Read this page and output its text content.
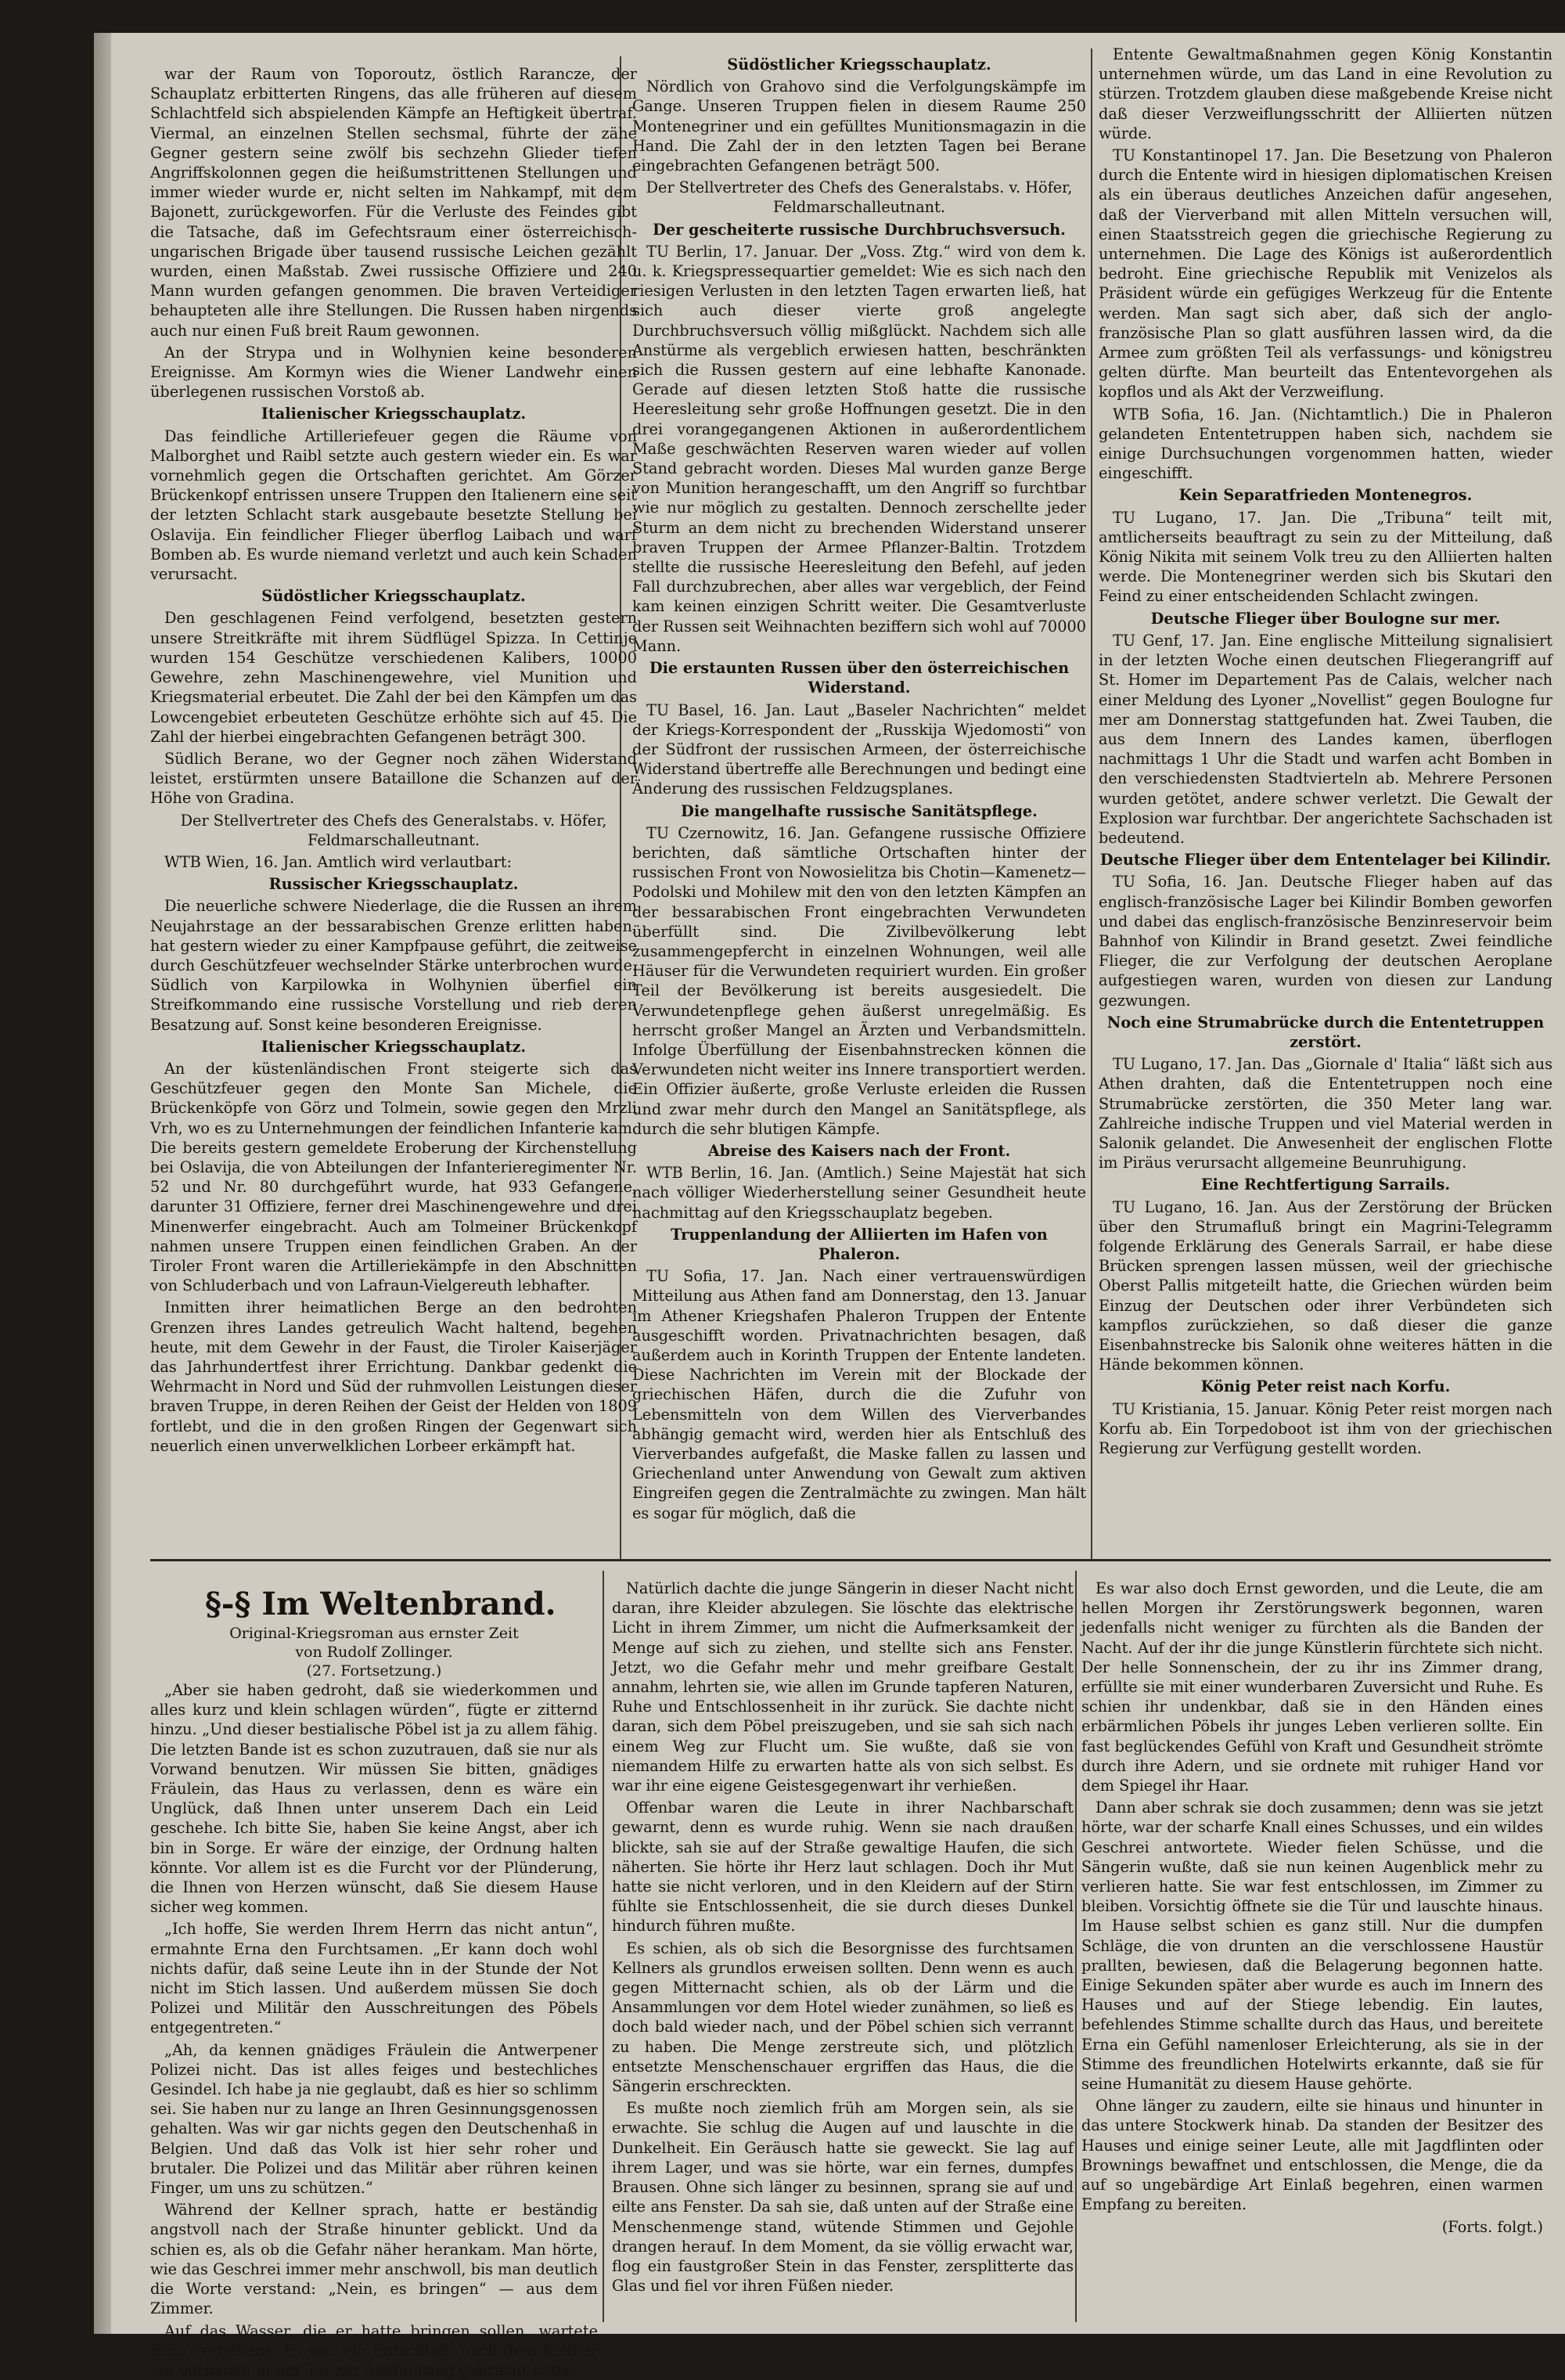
war der Raum von Toporoutz, östlich Rarancze, der Schauplatz erbitterten Ringens, das alle früheren auf diesem Schlachtfeld sich abspielenden Kämpfe an Heftigkeit übertraf. Viermal, an einzelnen Stellen sechsmal, führte der zähe Gegner gestern seine zwölf bis sechzehn Glieder tiefen Angriffskolonnen gegen die heißumstrittenen Stellungen und immer wieder wurde er, nicht selten im Nahkampf, mit dem Bajonett, zurückgeworfen. Für die Verluste des Feindes gibt die Tatsache, daß im Gefechtsraum einer österreichisch-ungarischen Brigade über tausend russische Leichen gezählt wurden, einen Maßstab. Zwei russische Offiziere und 240 Mann wurden gefangen genommen. Die braven Verteidiger behaupteten alle ihre Stellungen. Die Russen haben nirgends auch nur einen Fuß breit Raum gewonnen.

An der Strypa und in Wolhynien keine besonderen Ereignisse. Am Kormyn wies die Wiener Landwehr einen überlegenen russischen Vorstoß ab.

Italienischer Kriegsschauplatz.

Das feindliche Artilleriefeuer gegen die Räume von Malborghet und Raibl setzte auch gestern wieder ein. Es war vornehmlich gegen die Ortschaften gerichtet. Am Görzer Brückenkopf entrissen unsere Truppen den Italienern eine seit der letzten Schlacht stark ausgebaute besetzte Stellung bei Oslavija. Ein feindlicher Flieger überflog Laibach und warf Bomben ab. Es wurde niemand verletzt und auch kein Schaden verursacht.

Südöstlicher Kriegsschauplatz.

Den geschlagenen Feind verfolgend, besetzten gestern unsere Streitkräfte mit ihrem Südflügel Spizza. In Cettinje wurden 154 Geschütze verschiedenen Kalibers, 10000 Gewehre, zehn Maschinengewehre, viel Munition und Kriegsmaterial erbeutet. Die Zahl der bei den Kämpfen um das Lowcengebiet erbeuteten Geschütze erhöhte sich auf 45. Die Zahl der hierbei eingebrachten Gefangenen beträgt 300.

Südlich Berane, wo der Gegner noch zähen Widerstand leistet, erstürmten unsere Bataillone die Schanzen auf der Höhe von Gradina.

Der Stellvertreter des Chefs des Generalstabs. v. Höfer, Feldmarschalleutnant.

WTB Wien, 16. Jan. Amtlich wird verlautbart:

Russischer Kriegsschauplatz.

Die neuerliche schwere Niederlage, die die Russen an ihrem Neujahrstage an der bessarabischen Grenze erlitten haben, hat gestern wieder zu einer Kampfpause geführt, die zeitweise durch Geschützfeuer wechselnder Stärke unterbrochen wurde. Südlich von Karpilowka in Wolhynien überfiel ein Streifkommando eine russische Vorstellung und rieb deren Besatzung auf. Sonst keine besonderen Ereignisse.

Italienischer Kriegsschauplatz.

An der küstenländischen Front steigerte sich das Geschützfeuer gegen den Monte San Michele, die Brückenköpfe von Görz und Tolmein, sowie gegen den Mrzli Vrh, wo es zu Unternehmungen der feindlichen Infanterie kam. Die bereits gestern gemeldete Eroberung der Kirchenstellung bei Oslavija, die von Abteilungen der Infanterieregimenter Nr. 52 und Nr. 80 durchgeführt wurde, hat 933 Gefangene, darunter 31 Offiziere, ferner drei Maschinengewehre und drei Minenwerfer eingebracht. Auch am Tolmeiner Brückenkopf nahmen unsere Truppen einen feindlichen Graben. An der Tiroler Front waren die Artilleriekämpfe in den Abschnitten von Schluderbach und von Lafraun-Vielgereuth lebhafter.

Inmitten ihrer heimatlichen Berge an den bedrohten Grenzen ihres Landes getreulich Wacht haltend, begehen heute, mit dem Gewehr in der Faust, die Tiroler Kaiserjäger das Jahrhundertfest ihrer Errichtung. Dankbar gedenkt die Wehrmacht in Nord und Süd der ruhmvollen Leistungen dieser braven Truppe, in deren Reihen der Geist der Helden von 1809 fortlebt, und die in den großen Ringen der Gegenwart sich neuerlich einen unverwelklichen Lorbeer erkämpft hat.

Südöstlicher Kriegsschauplatz.

Nördlich von Grahovo sind die Verfolgungskämpfe im Gange. Unseren Truppen fielen in diesem Raume 250 Montenegriner und ein gefülltes Munitionsmagazin in die Hand. Die Zahl der in den letzten Tagen bei Berane eingebrachten Gefangenen beträgt 500.

Der Stellvertreter des Chefs des Generalstabs. v. Höfer, Feldmarschalleutnant.
Der gescheiterte russische Durchbruchsversuch.

TU Berlin, 17. Januar. Der „Voss. Ztg.“ wird von dem k. u. k. Kriegspressequartier gemeldet: Wie es sich nach den riesigen Verlusten in den letzten Tagen erwarten ließ, hat sich auch dieser vierte groß angelegte Durchbruchsversuch völlig mißglückt. Nachdem sich alle Anstürme als vergeblich erwiesen hatten, beschränkten sich die Russen gestern auf eine lebhafte Kanonade. Gerade auf diesen letzten Stoß hatte die russische Heeresleitung sehr große Hoffnungen gesetzt. Die in den drei vorangegangenen Aktionen in außerordentlichem Maße geschwächten Reserven waren wieder auf vollen Stand gebracht worden. Dieses Mal wurden ganze Berge von Munition herangeschafft, um den Angriff so furchtbar wie nur möglich zu gestalten. Dennoch zerschellte jeder Sturm an dem nicht zu brechenden Widerstand unserer braven Truppen der Armee Pflanzer-Baltin. Trotzdem stellte die russische Heeresleitung den Befehl, auf jeden Fall durchzubrechen, aber alles war vergeblich, der Feind kam keinen einzigen Schritt weiter. Die Gesamtverluste der Russen seit Weihnachten beziffern sich wohl auf 70000 Mann.

Die erstaunten Russen über den österreichischen Widerstand.

TU Basel, 16. Jan. Laut „Baseler Nachrichten“ meldet der Kriegs-Korrespondent der „Russkija Wjedomosti“ von der Südfront der russischen Armeen, der österreichische Widerstand übertreffe alle Berechnungen und bedingt eine Änderung des russischen Feldzugsplanes.

Die mangelhafte russische Sanitätspflege.

TU Czernowitz, 16. Jan. Gefangene russische Offiziere berichten, daß sämtliche Ortschaften hinter der russischen Front von Nowosielitza bis Chotin—Kamenetz—Podolski und Mohilew mit den von den letzten Kämpfen an der bessarabischen Front eingebrachten Verwundeten überfüllt sind. Die Zivilbevölkerung lebt zusammengepfercht in einzelnen Wohnungen, weil alle Häuser für die Verwundeten requiriert wurden. Ein großer Teil der Bevölkerung ist bereits ausgesiedelt. Die Verwundetenpflege gehen äußerst unregelmäßig. Es herrscht großer Mangel an Ärzten und Verbandsmitteln. Infolge Überfüllung der Eisenbahnstrecken können die Verwundeten nicht weiter ins Innere transportiert werden. Ein Offizier äußerte, große Verluste erleiden die Russen und zwar mehr durch den Mangel an Sanitätspflege, als durch die sehr blutigen Kämpfe.

Abreise des Kaisers nach der Front.

WTB Berlin, 16. Jan. (Amtlich.) Seine Majestät hat sich nach völliger Wiederherstellung seiner Gesundheit heute nachmittag auf den Kriegsschauplatz begeben.

Truppenlandung der Alliierten im Hafen von Phaleron.

TU Sofia, 17. Jan. Nach einer vertrauenswürdigen Mitteilung aus Athen fand am Donnerstag, den 13. Januar im Athener Kriegshafen Phaleron Truppen der Entente ausgeschifft worden. Privatnachrichten besagen, daß außerdem auch in Korinth Truppen der Entente landeten. Diese Nachrichten im Verein mit der Blockade der griechischen Häfen, durch die die Zufuhr von Lebensmitteln von dem Willen des Vierverbandes abhängig gemacht wird, werden hier als Entschluß des Vierverbandes aufgefaßt, die Maske fallen zu lassen und Griechenland unter Anwendung von Gewalt zum aktiven Eingreifen gegen die Zentralmächte zu zwingen. Man hält es sogar für möglich, daß die

Entente Gewaltmaßnahmen gegen König Konstantin unternehmen würde, um das Land in eine Revolution zu stürzen. Trotzdem glauben diese maßgebende Kreise nicht daß dieser Verzweiflungsschritt der Alliierten nützen würde.

TU Konstantinopel 17. Jan. Die Besetzung von Phaleron durch die Entente wird in hiesigen diplomatischen Kreisen als ein überaus deutliches Anzeichen dafür angesehen, daß der Vierverband mit allen Mitteln versuchen will, einen Staatsstreich gegen die griechische Regierung zu unternehmen. Die Lage des Königs ist außerordentlich bedroht. Eine griechische Republik mit Venizelos als Präsident würde ein gefügiges Werkzeug für die Entente werden. Man sagt sich aber, daß sich der anglo-französische Plan so glatt ausführen lassen wird, da die Armee zum größten Teil als verfassungs- und königstreu gelten dürfte. Man beurteilt das Ententevorgehen als kopflos und als Akt der Verzweiflung.

WTB Sofia, 16. Jan. (Nichtamtlich.) Die in Phaleron gelandeten Ententetruppen haben sich, nachdem sie einige Durchsuchungen vorgenommen hatten, wieder eingeschifft.

Kein Separatfrieden Montenegros.

TU Lugano, 17. Jan. Die „Tribuna“ teilt mit, amtlicherseits beauftragt zu sein zu der Mitteilung, daß König Nikita mit seinem Volk treu zu den Alliierten halten werde. Die Montenegriner werden sich bis Skutari den Feind zu einer entscheidenden Schlacht zwingen.

Deutsche Flieger über Boulogne sur mer.

TU Genf, 17. Jan. Eine englische Mitteilung signalisiert in der letzten Woche einen deutschen Fliegerangriff auf St. Homer im Departement Pas de Calais, welcher nach einer Meldung des Lyoner „Novellist“ gegen Boulogne fur mer am Donnerstag stattgefunden hat. Zwei Tauben, die aus dem Innern des Landes kamen, überflogen nachmittags 1 Uhr die Stadt und warfen acht Bomben in den verschiedensten Stadtvierteln ab. Mehrere Personen wurden getötet, andere schwer verletzt. Die Gewalt der Explosion war furchtbar. Der angerichtete Sachschaden ist bedeutend.

Deutsche Flieger über dem Ententelager bei Kilindir.

TU Sofia, 16. Jan. Deutsche Flieger haben auf das englisch-französische Lager bei Kilindir Bomben geworfen und dabei das englisch-französische Benzinreservoir beim Bahnhof von Kilindir in Brand gesetzt. Zwei feindliche Flieger, die zur Verfolgung der deutschen Aeroplane aufgestiegen waren, wurden von diesen zur Landung gezwungen.

Noch eine Strumabrücke durch die Ententetruppen zerstört.

TU Lugano, 17. Jan. Das „Giornale d' Italia“ läßt sich aus Athen drahten, daß die Ententetruppen noch eine Strumabrücke zerstörten, die 350 Meter lang war. Zahlreiche indische Truppen und viel Material werden in Salonik gelandet. Die Anwesenheit der englischen Flotte im Piräus verursacht allgemeine Beunruhigung.

Eine Rechtfertigung Sarrails.

TU Lugano, 16. Jan. Aus der Zerstörung der Brücken über den Strumafluß bringt ein Magrini-Telegramm folgende Erklärung des Generals Sarrail, er habe diese Brücken sprengen lassen müssen, weil der griechische Oberst Pallis mitgeteilt hatte, die Griechen würden beim Einzug der Deutschen oder ihrer Verbündeten sich kampflos zurückziehen, so daß dieser die ganze Eisenbahnstrecke bis Salonik ohne weiteres hätten in die Hände bekommen können.

König Peter reist nach Korfu.

TU Kristiania, 15. Januar. König Peter reist morgen nach Korfu ab. Ein Torpedoboot ist ihm von der griechischen Regierung zur Verfügung gestellt worden.

§-§ Im Weltenbrand.
Original-Kriegsroman aus ernster Zeit
von Rudolf Zollinger.
(27. Fortsetzung.)

„Aber sie haben gedroht, daß sie wiederkommen und alles kurz und klein schlagen würden“, fügte er zitternd hinzu. „Und dieser bestialische Pöbel ist ja zu allem fähig. Die letzten Bande ist es schon zuzutrauen, daß sie nur als Vorwand benutzen. Wir müssen Sie bitten, gnädiges Fräulein, das Haus zu verlassen, denn es wäre ein Unglück, daß Ihnen unter unserem Dach ein Leid geschehe. Ich bitte Sie, haben Sie keine Angst, aber ich bin in Sorge. Er wäre der einzige, der Ordnung halten könnte. Vor allem ist es die Furcht vor der Plünderung, die Ihnen von Herzen wünscht, daß Sie diesem Hause sicher weg kommen.

„Ich hoffe, Sie werden Ihrem Herrn das nicht antun“, ermahnte Erna den Furchtsamen. „Er kann doch wohl nichts dafür, daß seine Leute ihn in der Stunde der Not nicht im Stich lassen. Und außerdem müssen Sie doch Polizei und Militär den Ausschreitungen des Pöbels entgegentreten.“

„Ah, da kennen gnädiges Fräulein die Antwerpener Polizei nicht. Das ist alles feiges und bestechliches Gesindel. Ich habe ja nie geglaubt, daß es hier so schlimm sei. Sie haben nur zu lange an Ihren Gesinnungsgenossen gehalten. Was wir gar nichts gegen den Deutschenhaß in Belgien. Und daß das Volk ist hier sehr roher und brutaler. Die Polizei und das Militär aber rühren keinen Finger, um uns zu schützen.“

Während der Kellner sprach, hatte er beständig angstvoll nach der Straße hinunter geblickt. Und da schien es, als ob die Gefahr näher herankam. Man hörte, wie das Geschrei immer mehr anschwoll, bis man deutlich die Worte verstand: „Nein, es bringen“ — aus dem Zimmer.

Auf das Wasser, die er hatte bringen sollen, wartete Erna vergebens. Es war ein Entschluß, nach dem Kellner ein Vorhaben in der Tat zur Ausführung gebracht hatte.

Natürlich dachte die junge Sängerin in dieser Nacht nicht daran, ihre Kleider abzulegen. Sie löschte das elektrische Licht in ihrem Zimmer, um nicht die Aufmerksamkeit der Menge auf sich zu ziehen, und stellte sich ans Fenster. Jetzt, wo die Gefahr mehr und mehr greifbare Gestalt annahm, lehrten sie, wie allen im Grunde tapferen Naturen, Ruhe und Entschlossenheit in ihr zurück. Sie dachte nicht daran, sich dem Pöbel preiszugeben, und sie sah sich nach einem Weg zur Flucht um. Sie wußte, daß sie von niemandem Hilfe zu erwarten hatte als von sich selbst. Es war ihr eine eigene Geistesgegenwart ihr verhießen.

Offenbar waren die Leute in ihrer Nachbarschaft gewarnt, denn es wurde ruhig. Wenn sie nach draußen blickte, sah sie auf der Straße gewaltige Haufen, die sich näherten. Sie hörte ihr Herz laut schlagen. Doch ihr Mut hatte sie nicht verloren, und in den Kleidern auf der Stirn fühlte sie Entschlossenheit, die sie durch dieses Dunkel hindurch führen mußte.

Es schien, als ob sich die Besorgnisse des furchtsamen Kellners als grundlos erweisen sollten. Denn wenn es auch gegen Mitternacht schien, als ob der Lärm und die Ansammlungen vor dem Hotel wieder zunähmen, so ließ es doch bald wieder nach, und der Pöbel schien sich verrannt zu haben. Die Menge zerstreute sich, und plötzlich entsetzte Menschenschauer ergriffen das Haus, die die Sängerin erschreckten.

Es mußte noch ziemlich früh am Morgen sein, als sie erwachte. Sie schlug die Augen auf und lauschte in die Dunkelheit. Ein Geräusch hatte sie geweckt. Sie lag auf ihrem Lager, und was sie hörte, war ein fernes, dumpfes Brausen. Ohne sich länger zu besinnen, sprang sie auf und eilte ans Fenster. Da sah sie, daß unten auf der Straße eine Menschenmenge stand, wütende Stimmen und Gejohle drangen herauf. In dem Moment, da sie völlig erwacht war, flog ein faustgroßer Stein in das Fenster, zersplitterte das Glas und fiel vor ihren Füßen nieder.

Es war also doch Ernst geworden, und die Leute, die am hellen Morgen ihr Zerstörungswerk begonnen, waren jedenfalls nicht weniger zu fürchten als die Banden der Nacht. Auf der ihr die junge Künstlerin fürchtete sich nicht. Der helle Sonnenschein, der zu ihr ins Zimmer drang, erfüllte sie mit einer wunderbaren Zuversicht und Ruhe. Es schien ihr undenkbar, daß sie in den Händen eines erbärmlichen Pöbels ihr junges Leben verlieren sollte. Ein fast beglückendes Gefühl von Kraft und Gesundheit strömte durch ihre Adern, und sie ordnete mit ruhiger Hand vor dem Spiegel ihr Haar.

Dann aber schrak sie doch zusammen; denn was sie jetzt hörte, war der scharfe Knall eines Schusses, und ein wildes Geschrei antwortete. Wieder fielen Schüsse, und die Sängerin wußte, daß sie nun keinen Augenblick mehr zu verlieren hatte. Sie war fest entschlossen, im Zimmer zu bleiben. Vorsichtig öffnete sie die Tür und lauschte hinaus. Im Hause selbst schien es ganz still. Nur die dumpfen Schläge, die von drunten an die verschlossene Haustür prallten, bewiesen, daß die Belagerung begonnen hatte. Einige Sekunden später aber wurde es auch im Innern des Hauses und auf der Stiege lebendig. Ein lautes, befehlendes Stimme schallte durch das Haus, und bereitete Erna ein Gefühl namenloser Erleichterung, als sie in der Stimme des freundlichen Hotelwirts erkannte, daß sie für seine Humanität zu diesem Hause gehörte.

Ohne länger zu zaudern, eilte sie hinaus und hinunter in das untere Stockwerk hinab. Da standen der Besitzer des Hauses und einige seiner Leute, alle mit Jagdflinten oder Brownings bewaffnet und entschlossen, die Menge, die da auf so ungebärdige Art Einlaß begehren, einen warmen Empfang zu bereiten.

(Forts. folgt.)
